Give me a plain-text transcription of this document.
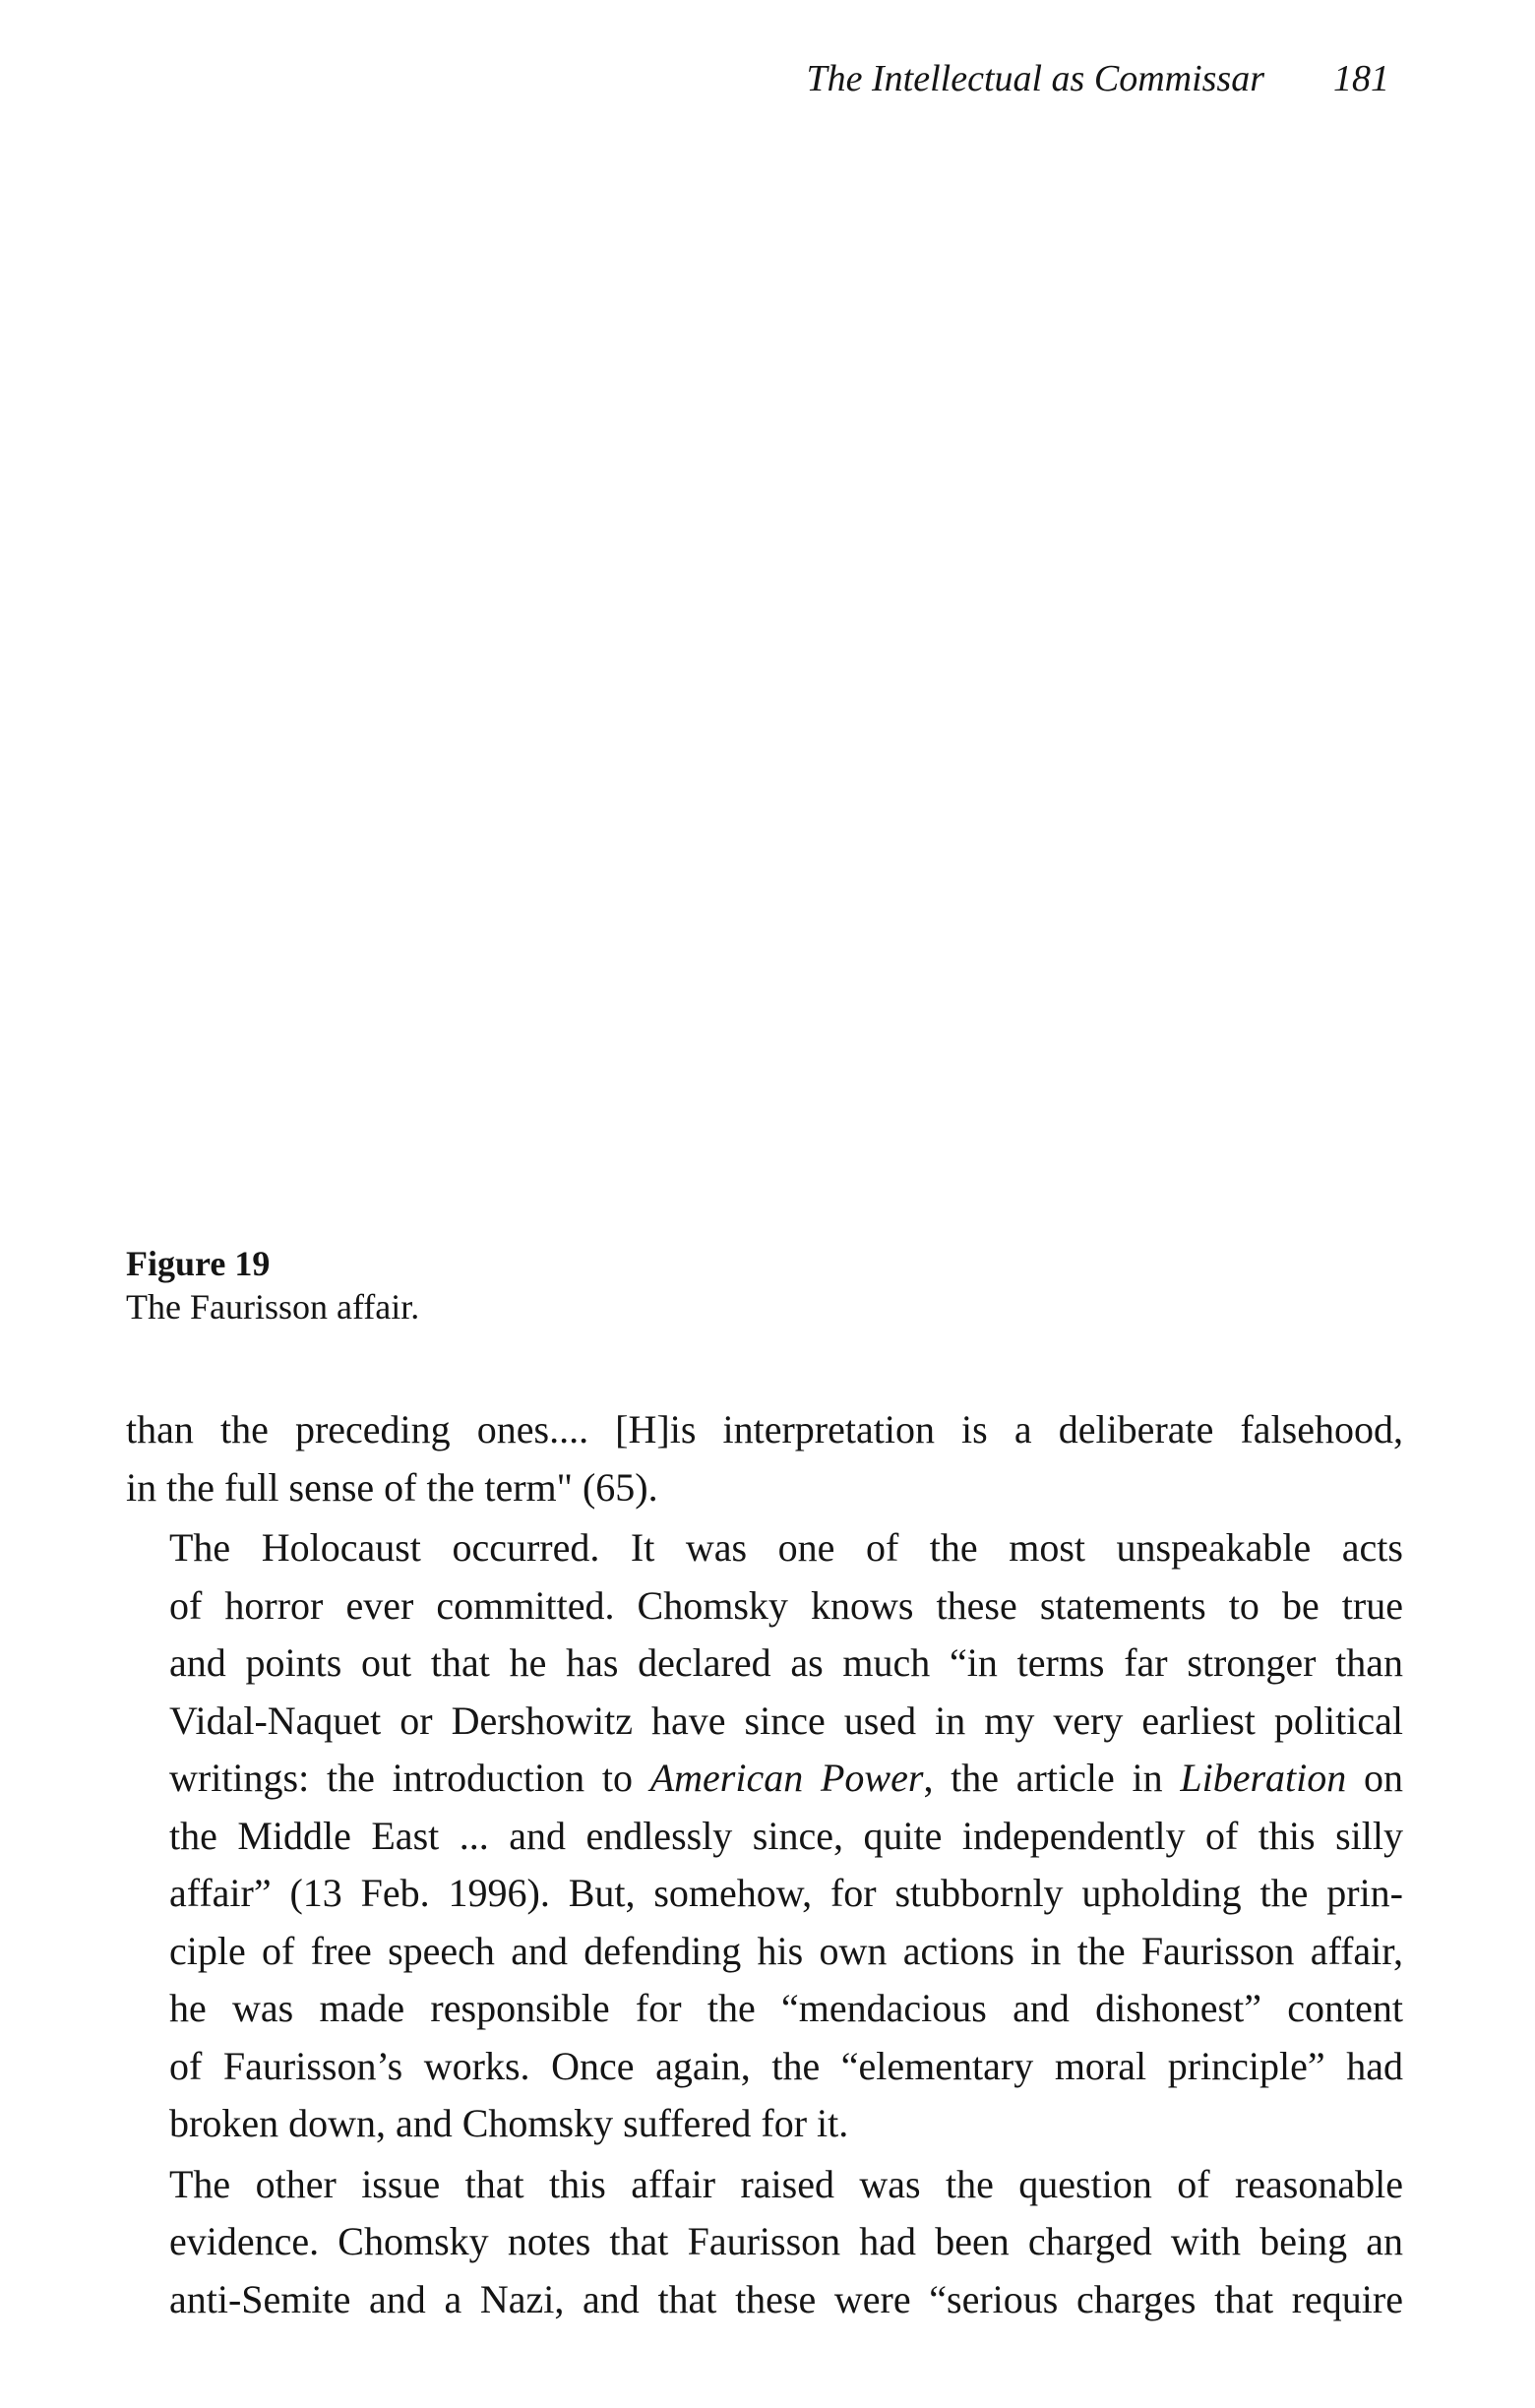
The Intellectual as Commissar 181
Figure 19
The Faurisson affair.

than the preceding ones.... [H]is interpretation is a deliberate falsehood,
in the full sense of the term" (65).

The Holocaust occurred. It was one of the most unspeakable acts
of horror ever committed. Chomsky knows these statements to be true
and points out that he has declared as much “in terms far stronger than
Vidal-Naquet or Dershowitz have since used in my very earliest political
writings: the introduction to American Power, the article in Liberation on
the Middle East ... and endlessly since, quite independently of this silly
affair” (13 Feb. 1996). But, somehow, for stubbornly upholding the prin-
ciple of free speech and defending his own actions in the Faurisson affair,
he was made responsible for the “mendacious and dishonest” content
of Faurisson’s works. Once again, the “elementary moral principle” had
broken down, and Chomsky suffered for it.

The other issue that this affair raised was the question of reasonable
evidence. Chomsky notes that Faurisson had been charged with being an
anti-Semite and a Nazi, and that these were “serious charges that require
